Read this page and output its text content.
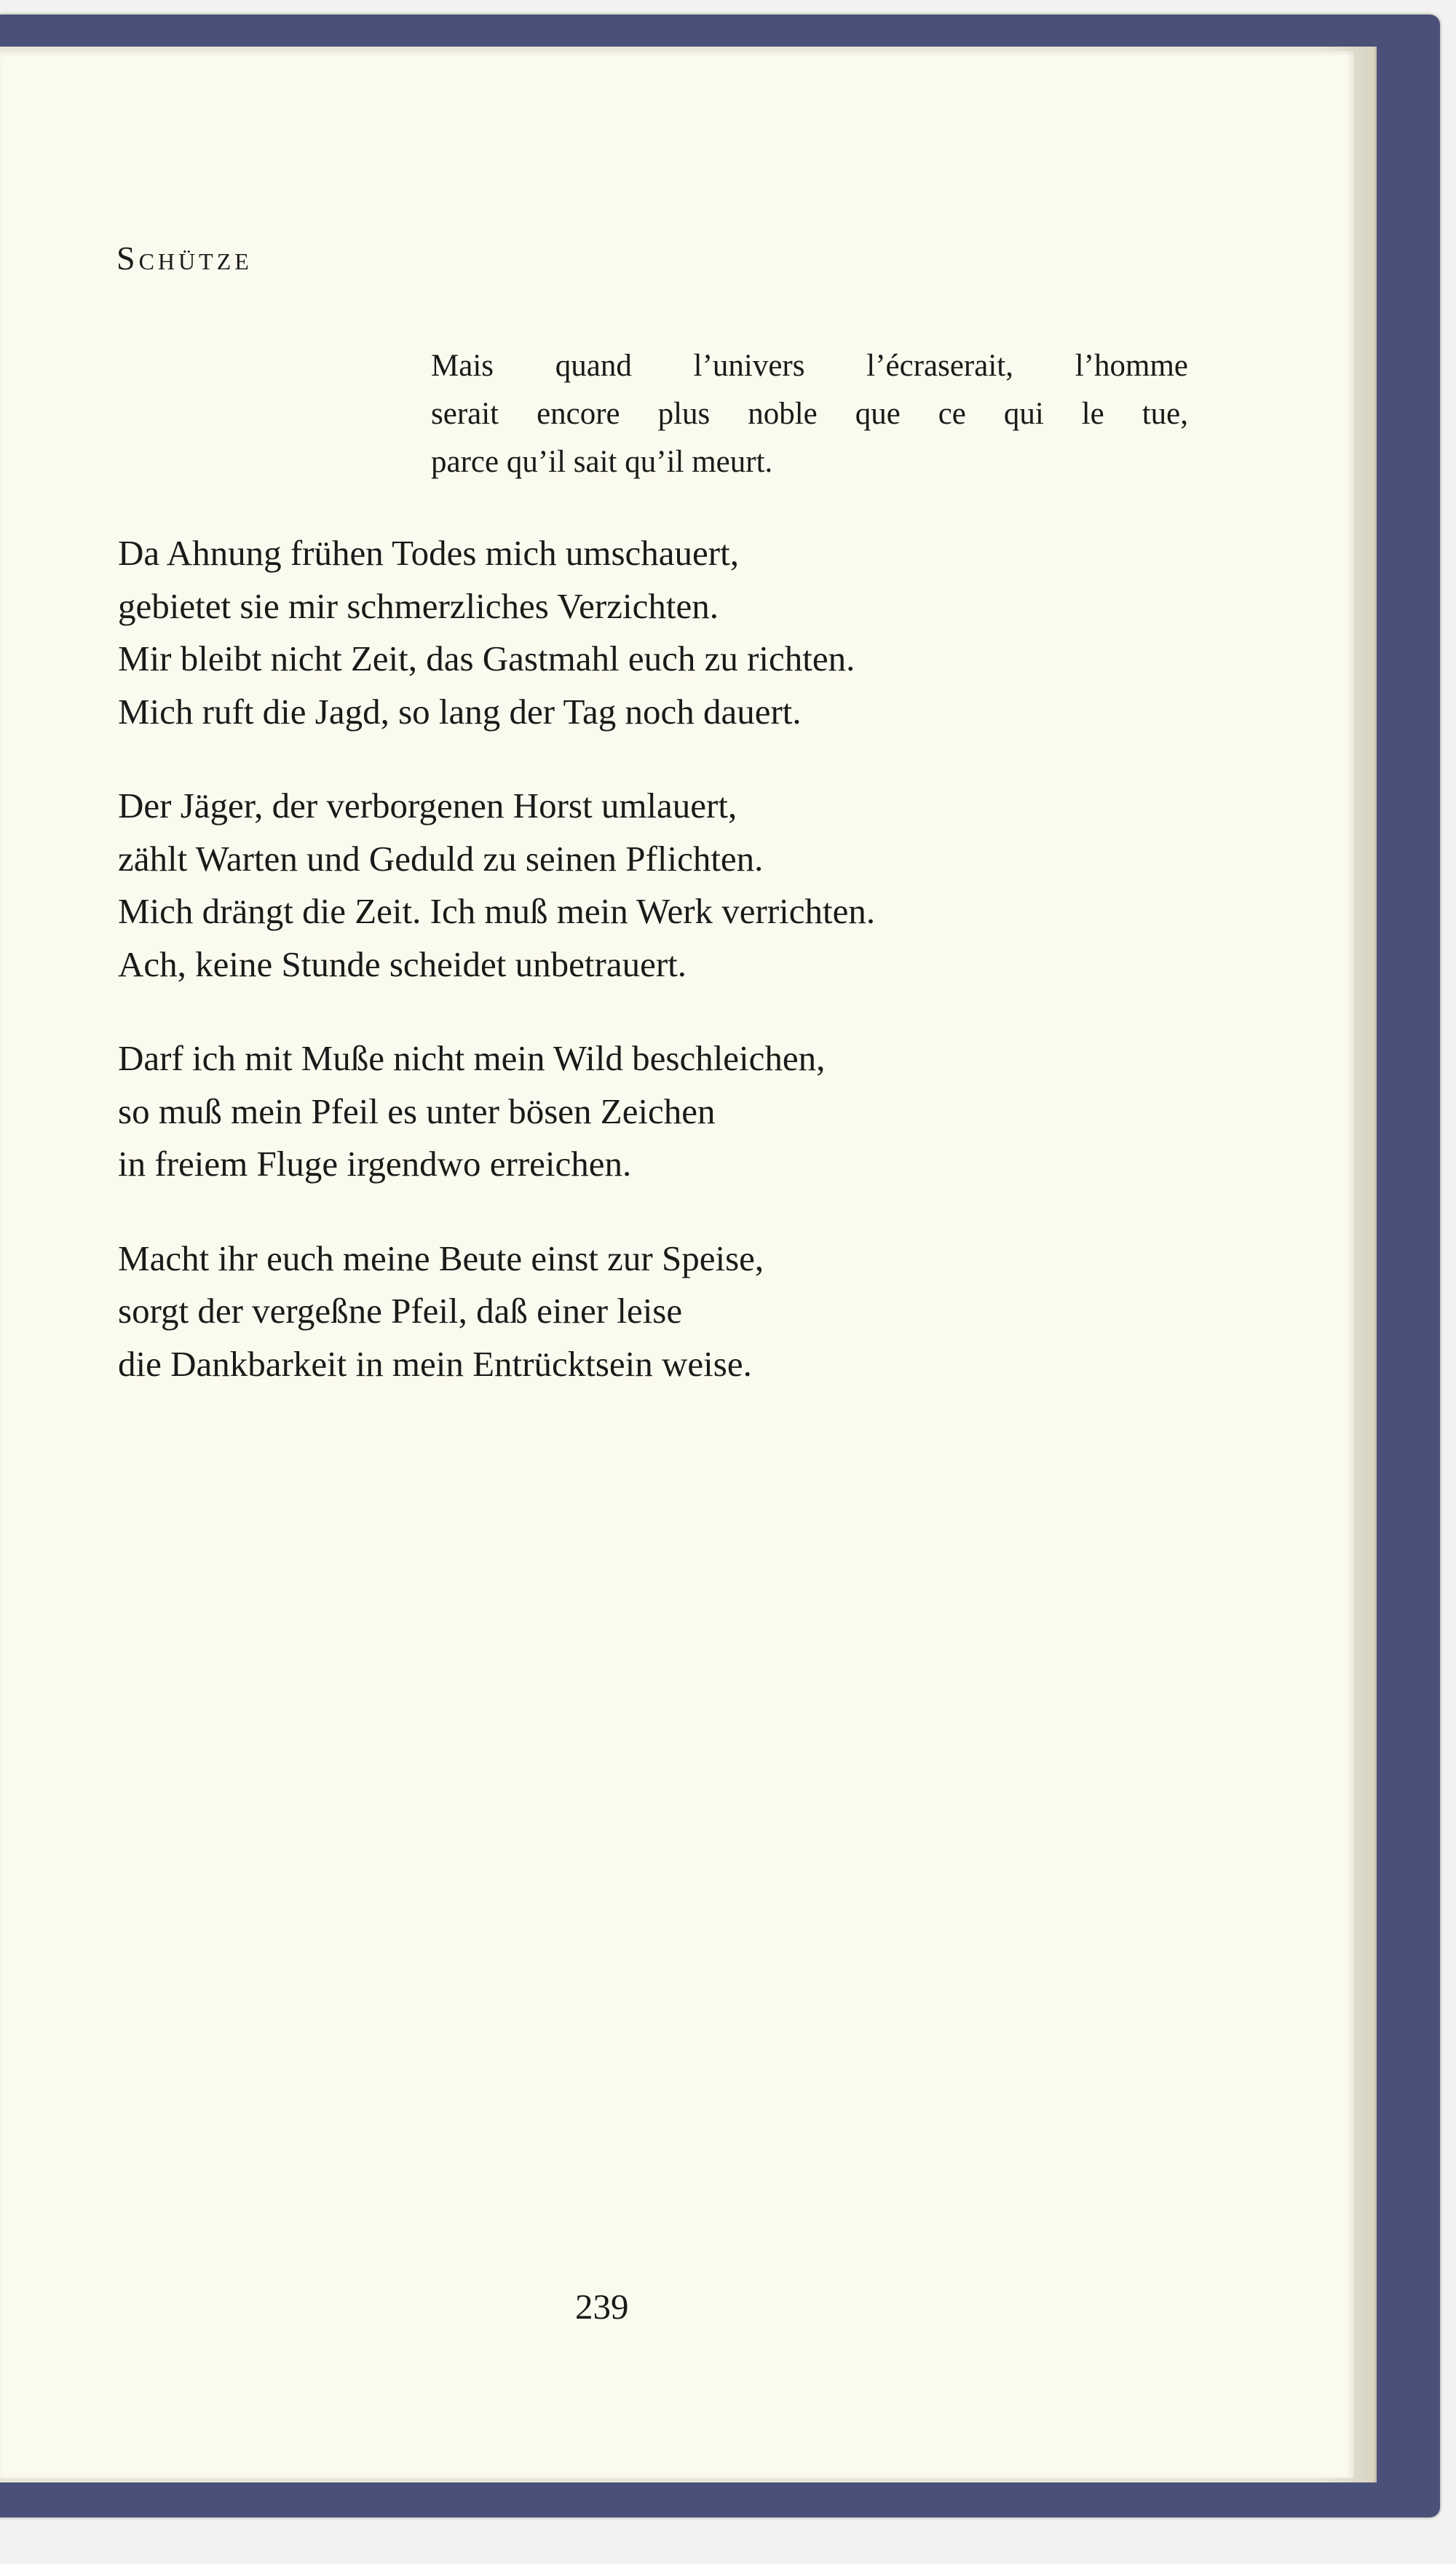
Schütze
Mais quand l’univers l’écraserait, l’homme
serait encore plus noble que ce qui le tue,
parce qu’il sait qu’il meurt.
Da Ahnung frühen Todes mich umschauert,
gebietet sie mir schmerzliches Verzichten.
Mir bleibt nicht Zeit, das Gastmahl euch zu richten.
Mich ruft die Jagd, so lang der Tag noch dauert.
Der Jäger, der verborgenen Horst umlauert,
zählt Warten und Geduld zu seinen Pflichten.
Mich drängt die Zeit. Ich muß mein Werk verrichten.
Ach, keine Stunde scheidet unbetrauert.
Darf ich mit Muße nicht mein Wild beschleichen,
so muß mein Pfeil es unter bösen Zeichen
in freiem Fluge irgendwo erreichen.
Macht ihr euch meine Beute einst zur Speise,
sorgt der vergeßne Pfeil, daß einer leise
die Dankbarkeit in mein Entrücktsein weise.
239
